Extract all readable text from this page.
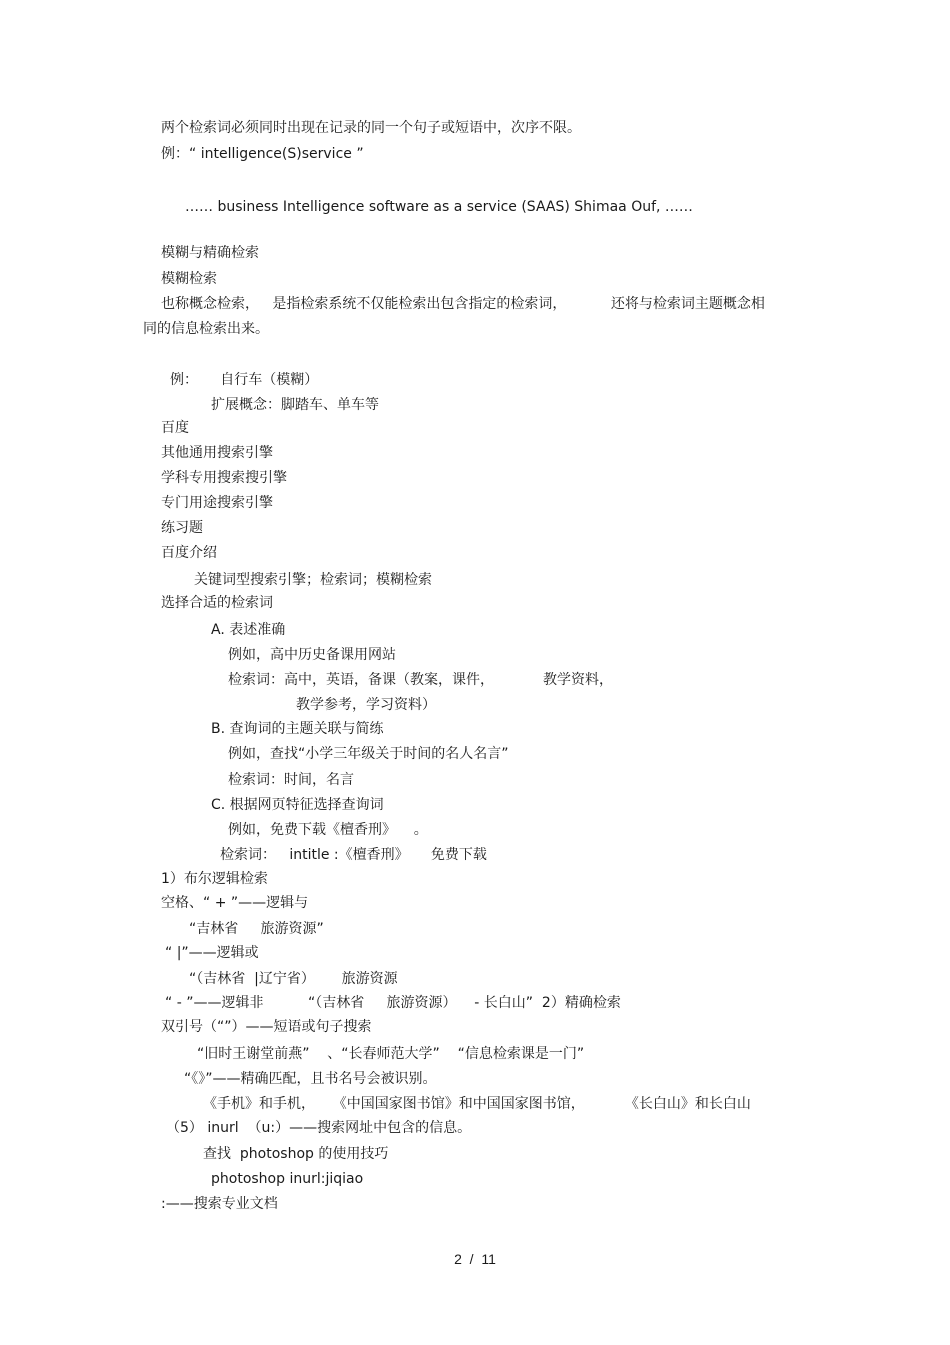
两个检索词必须同时出现在记录的同一个句子或短语中，次序不限。

例：“ intelligence(S)service ”

…… business Intelligence software as a service (SAAS) Shimaa Ouf, ……

模糊与精确检索

模糊检索

也称概念检索，   是指检索系统不仅能检索出包含指定的检索词，          还将与检索词主题概念相

同的信息检索出来。

例：     自行车（模糊）

扩展概念：脚踏车、单车等

百度

其他通用搜索引擎

学科专用搜索搜引擎

专门用途搜索引擎

练习题

百度介绍

关键词型搜索引擎；检索词；模糊检索

选择合适的检索词

A. 表述准确

例如，高中历史备课用网站

检索词：高中，英语，备课（教案，课件，           教学资料，

教学参考，学习资料）

B. 查询词的主题关联与简练

例如，查找“小学三年级关于时间的名人名言”

检索词：时间，名言

C. 根据网页特征选择查询词

例如，免费下载《檀香刑》    。

检索词：   intitle :《檀香刑》     免费下载

1）布尔逻辑检索

空格、“ + ”——逻辑与

“吉林省     旅游资源”

“ |”——逻辑或

“（吉林省  |辽宁省）      旅游资源

“ - ”——逻辑非          “（吉林省     旅游资源）    - 长白山”  2）精确检索

双引号（“”）——短语或句子搜索

“旧时王谢堂前燕”    、“长春师范大学”    “信息检索课是一门”

“《》”——精确匹配，且书名号会被识别。

《手机》和手机，    《中国国家图书馆》和中国国家图书馆，         《长白山》和长白山

（5） inurl  （u:）——搜索网址中包含的信息。

查找  photoshop 的使用技巧

photoshop inurl:jiqiao

:——搜索专业文档

2  /  11
